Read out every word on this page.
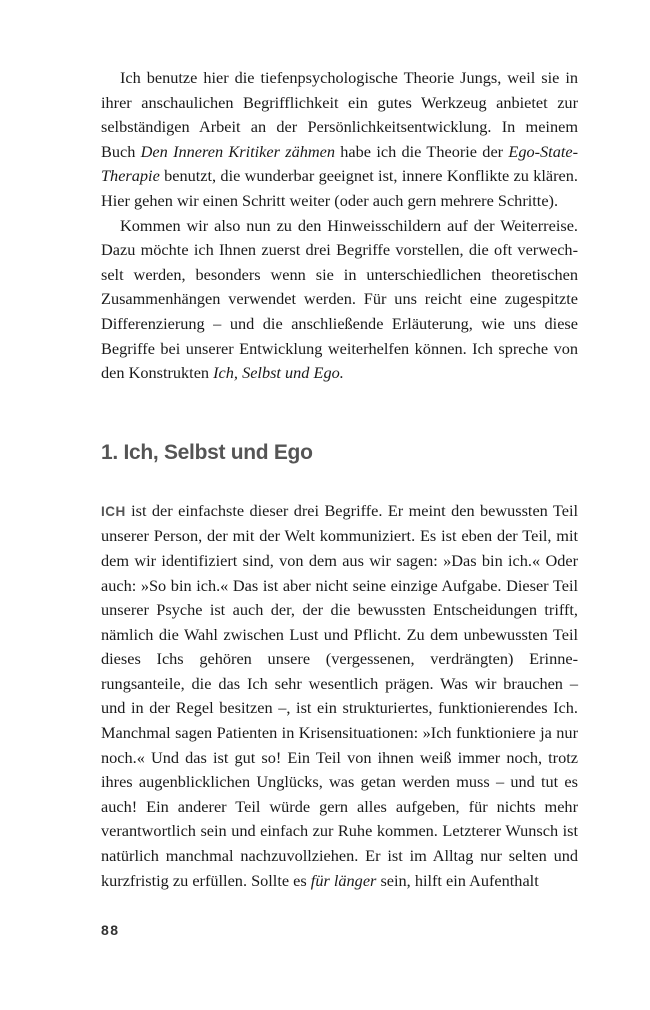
Ich benutze hier die tiefenpsychologische Theorie Jungs, weil sie in ihrer anschaulichen Begrifflichkeit ein gutes Werkzeug anbietet zur selbständigen Arbeit an der Persönlichkeitsentwicklung. In meinem Buch Den Inneren Kritiker zähmen habe ich die Theorie der Ego-State-Therapie benutzt, die wunderbar geeignet ist, innere Konflikte zu klären. Hier gehen wir einen Schritt weiter (oder auch gern mehrere Schritte).

Kommen wir also nun zu den Hinweisschildern auf der Weiterreise. Dazu möchte ich Ihnen zuerst drei Begriffe vorstellen, die oft verwechselt werden, besonders wenn sie in unterschiedlichen theoretischen Zusammenhängen verwendet werden. Für uns reicht eine zugespitzte Differenzierung – und die anschließende Erläuterung, wie uns diese Begriffe bei unserer Entwicklung weiterhelfen können. Ich spreche von den Konstrukten Ich, Selbst und Ego.

1. Ich, Selbst und Ego

ICH ist der einfachste dieser drei Begriffe. Er meint den bewussten Teil unserer Person, der mit der Welt kommuniziert. Es ist eben der Teil, mit dem wir identifiziert sind, von dem aus wir sagen: »Das bin ich.« Oder auch: »So bin ich.« Das ist aber nicht seine einzige Aufgabe. Dieser Teil unserer Psyche ist auch der, der die bewussten Entscheidungen trifft, nämlich die Wahl zwischen Lust und Pflicht. Zu dem unbewussten Teil dieses Ichs gehören unsere (vergessenen, verdrängten) Erinnerungsanteile, die das Ich sehr wesentlich prägen. Was wir brauchen – und in der Regel besitzen –, ist ein strukturiertes, funktionierendes Ich. Manchmal sagen Patienten in Krisensituationen: »Ich funktioniere ja nur noch.« Und das ist gut so! Ein Teil von ihnen weiß immer noch, trotz ihres augenblicklichen Unglücks, was getan werden muss – und tut es auch! Ein anderer Teil würde gern alles aufgeben, für nichts mehr verantwortlich sein und einfach zur Ruhe kommen. Letzterer Wunsch ist natürlich manchmal nachzuvollziehen. Er ist im Alltag nur selten und kurzfristig zu erfüllen. Sollte es für länger sein, hilft ein Aufenthalt

88
